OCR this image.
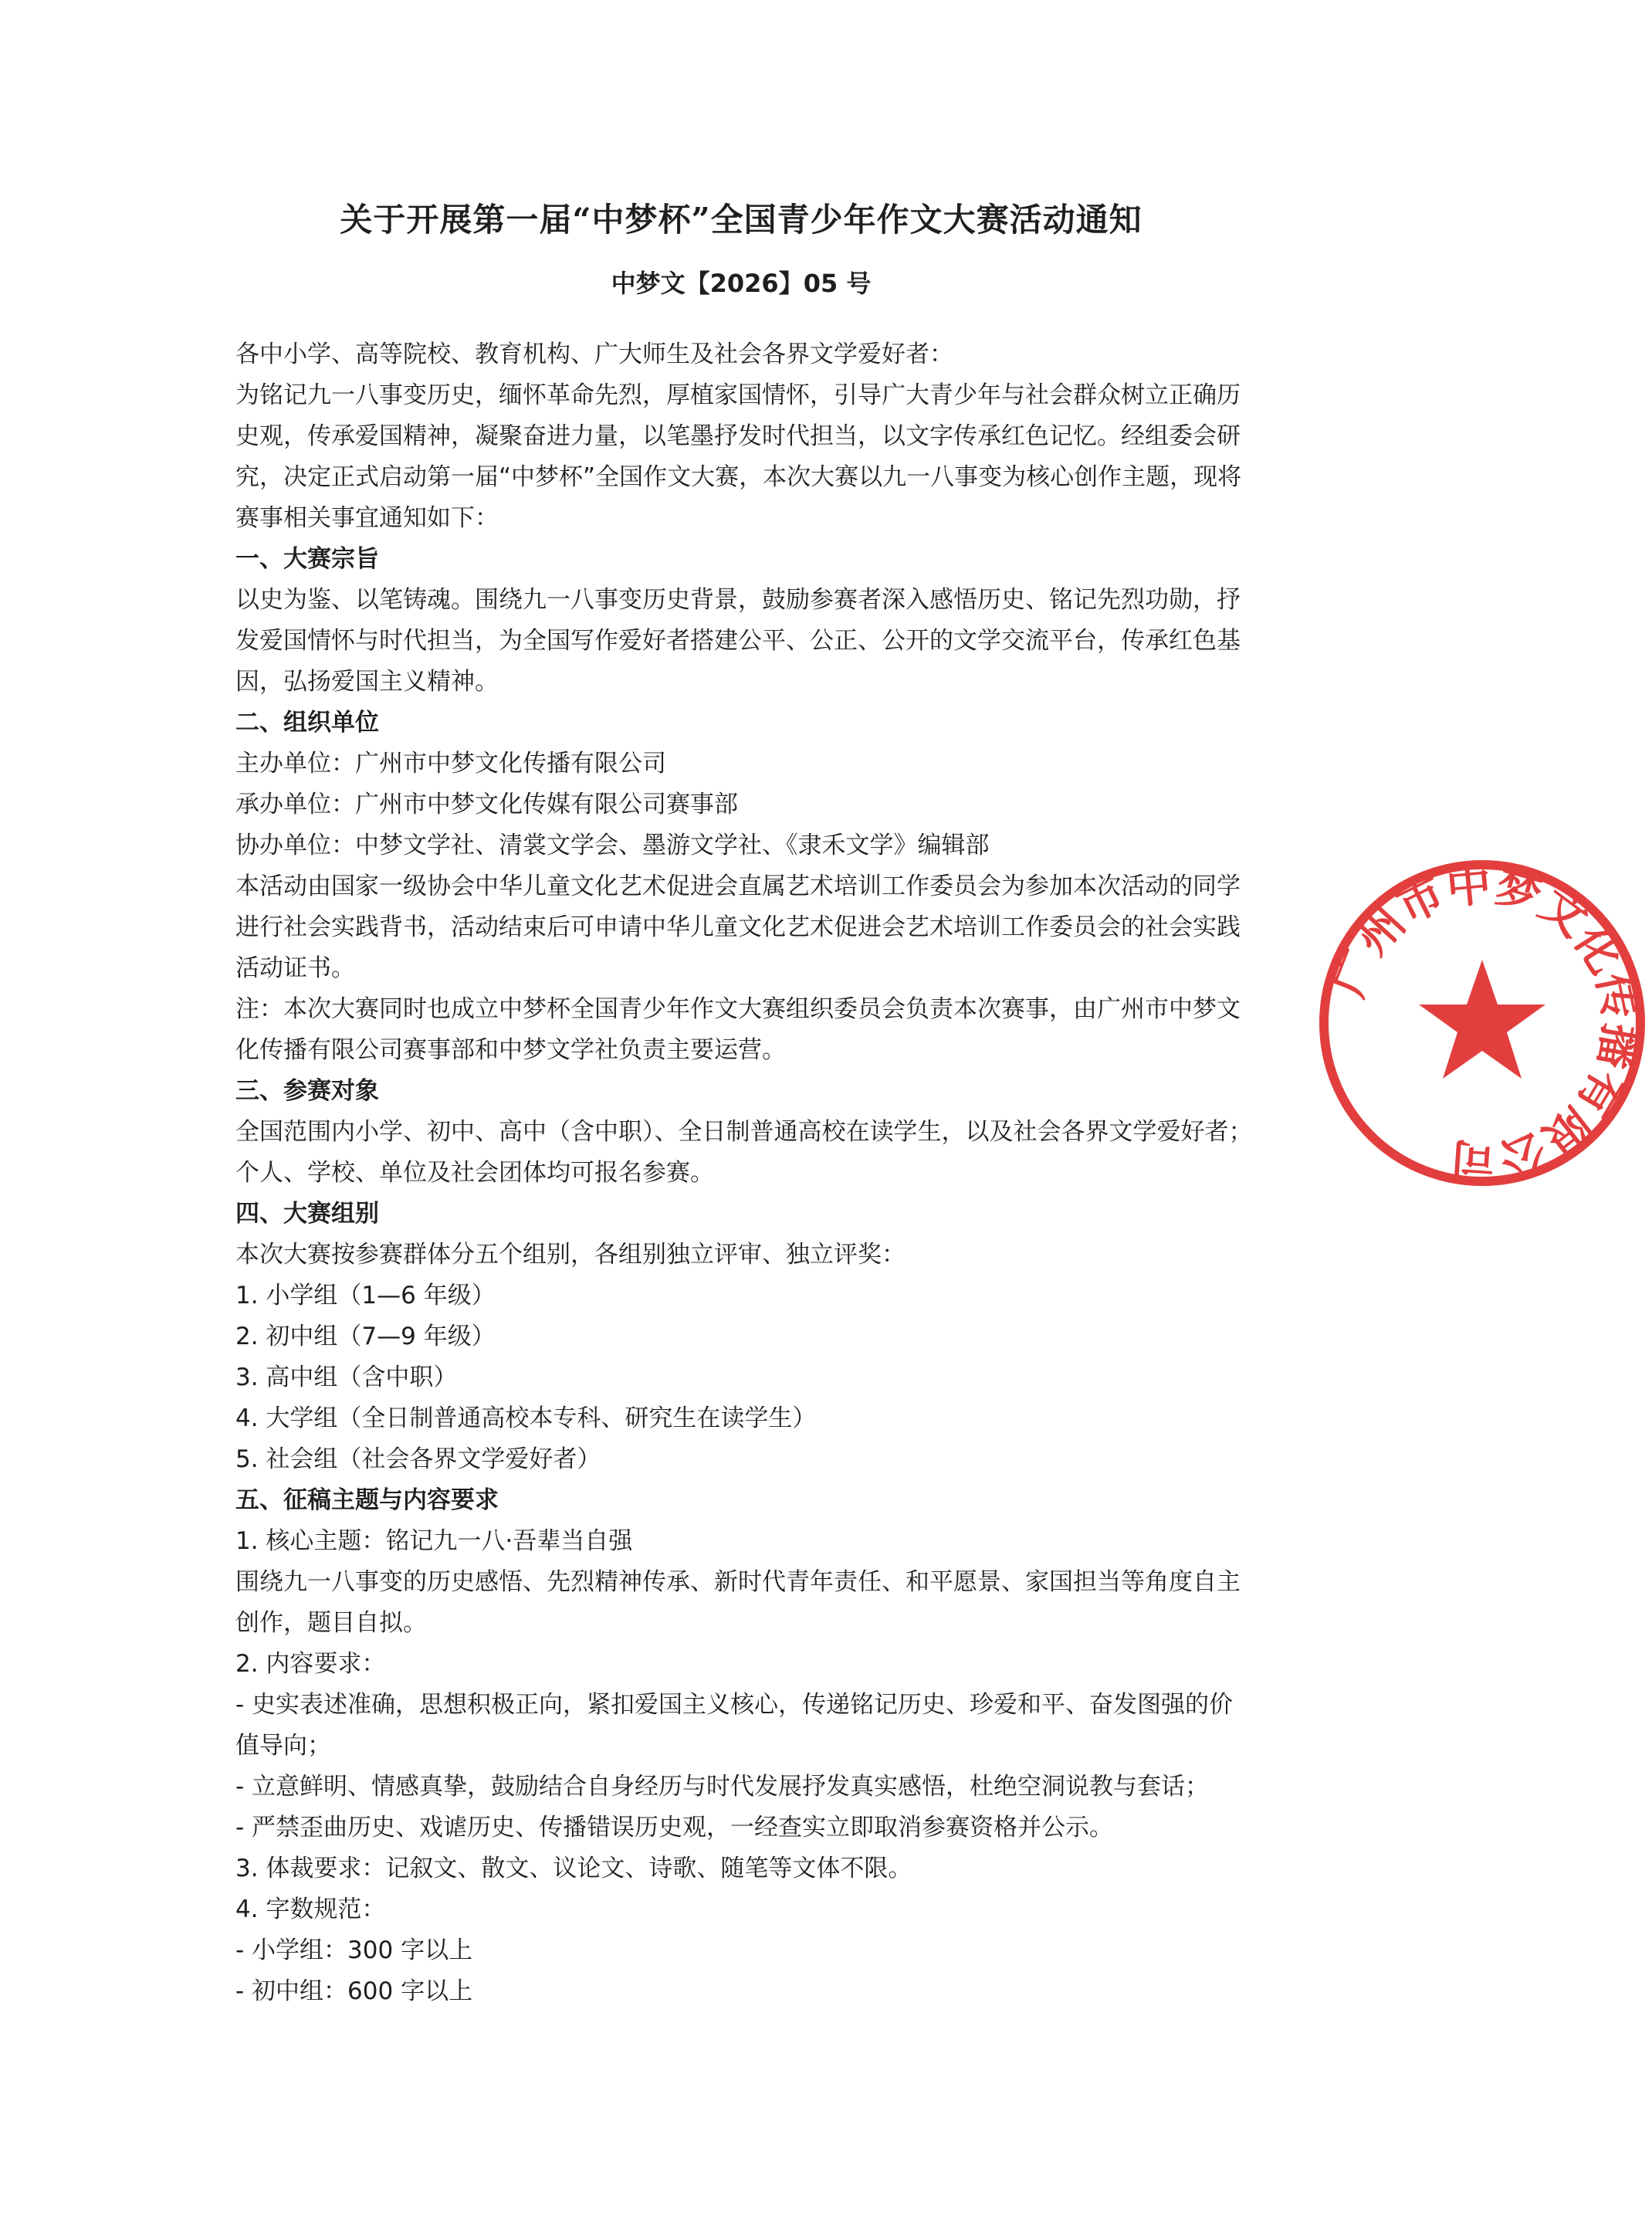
关于开展第一届“中梦杯”全国青少年作文大赛活动通知

中梦文【2026】05 号

各中小学、高等院校、教育机构、广大师生及社会各界文学爱好者：

为铭记九一八事变历史，缅怀革命先烈，厚植家国情怀，引导广大青少年与社会群众树立正确历史观，传承爱国精神，凝聚奋进力量，以笔墨抒发时代担当，以文字传承红色记忆。经组委会研究，决定正式启动第一届“中梦杯”全国作文大赛，本次大赛以九一八事变为核心创作主题，现将赛事相关事宜通知如下：

一、大赛宗旨

以史为鉴、以笔铸魂。围绕九一八事变历史背景，鼓励参赛者深入感悟历史、铭记先烈功勋，抒发爱国情怀与时代担当，为全国写作爱好者搭建公平、公正、公开的文学交流平台，传承红色基因，弘扬爱国主义精神。

二、组织单位

主办单位：广州市中梦文化传播有限公司

承办单位：广州市中梦文化传媒有限公司赛事部

协办单位：中梦文学社、清裳文学会、墨游文学社、《隶禾文学》编辑部

本活动由国家一级协会中华儿童文化艺术促进会直属艺术培训工作委员会为参加本次活动的同学进行社会实践背书，活动结束后可申请中华儿童文化艺术促进会艺术培训工作委员会的社会实践活动证书。

注：本次大赛同时也成立中梦杯全国青少年作文大赛组织委员会负责本次赛事，由广州市中梦文化传播有限公司赛事部和中梦文学社负责主要运营。

三、参赛对象

全国范围内小学、初中、高中（含中职）、全日制普通高校在读学生，以及社会各界文学爱好者；个人、学校、单位及社会团体均可报名参赛。

四、大赛组别

本次大赛按参赛群体分五个组别，各组别独立评审、独立评奖：

1. 小学组（1—6 年级）

2. 初中组（7—9 年级）

3. 高中组（含中职）

4. 大学组（全日制普通高校本专科、研究生在读学生）

5. 社会组（社会各界文学爱好者）

五、征稿主题与内容要求

1. 核心主题：铭记九一八·吾辈当自强

围绕九一八事变的历史感悟、先烈精神传承、新时代青年责任、和平愿景、家国担当等角度自主创作，题目自拟。

2. 内容要求：

- 史实表述准确，思想积极正向，紧扣爱国主义核心，传递铭记历史、珍爱和平、奋发图强的价值导向；

- 立意鲜明、情感真挚，鼓励结合自身经历与时代发展抒发真实感悟，杜绝空洞说教与套话；

- 严禁歪曲历史、戏谑历史、传播错误历史观，一经查实立即取消参赛资格并公示。

3. 体裁要求：记叙文、散文、议论文、诗歌、随笔等文体不限。

4. 字数规范：

- 小学组：300 字以上

- 初中组：600 字以上

广州市中梦文化传播有限公司
